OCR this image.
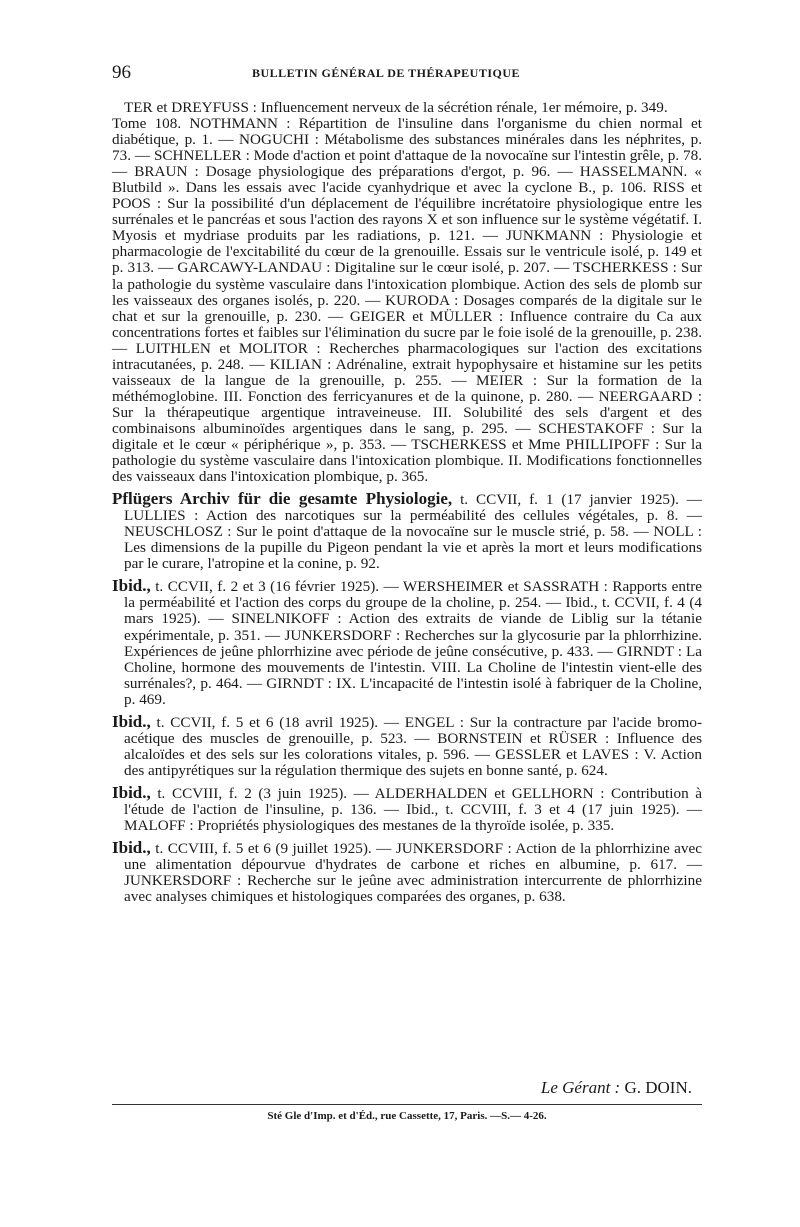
96	BULLETIN GÉNÉRAL DE THÉRAPEUTIQUE

TER et DREYFUSS : Influencement nerveux de la sécrétion rénale, 1er mémoire, p. 349.

Tome 108. NOTHMANN : Répartition de l'insuline dans l'organisme du chien normal et diabétique, p. 1. — NOGUCHI : Métabolisme des substances minérales dans les néphrites, p. 73. — SCHNELLER : Mode d'action et point d'attaque de la novocaïne sur l'intestin grêle, p. 78. — BRAUN : Dosage physiologique des préparations d'ergot, p. 96. — HASSELMANN. « Blutbild ». Dans les essais avec l'acide cyanhydrique et avec la cyclone B., p. 106. RISS et POOS : Sur la possibilité d'un déplacement de l'équilibre incrétatoire physiologique entre les surrénales et le pancréas et sous l'action des rayons X et son influence sur le système végétatif. I. Myosis et mydriase produits par les radiations, p. 121. — JUNKMANN : Physiologie et pharmacologie de l'excitabilité du cœur de la grenouille. Essais sur le ventricule isolé, p. 149 et p. 313. — GARCAWY-LANDAU : Digitaline sur le cœur isolé, p. 207. — TSCHERKESS : Sur la pathologie du système vasculaire dans l'intoxication plombique. Action des sels de plomb sur les vaisseaux des organes isolés, p. 220. — KURODA : Dosages comparés de la digitale sur le chat et sur la grenouille, p. 230. — GEIGER et MÜLLER : Influence contraire du Ca aux concentrations fortes et faibles sur l'élimination du sucre par le foie isolé de la grenouille, p. 238. — LUITHLEN et MOLITOR : Recherches pharmacologiques sur l'action des excitations intracutanées, p. 248. — KILIAN : Adrénaline, extrait hypophysaire et histamine sur les petits vaisseaux de la langue de la grenouille, p. 255. — MEIER : Sur la formation de la méthémoglobine. III. Fonction des ferricyanures et de la quinone, p. 280. — NEERGAARD : Sur la thérapeutique argentique intraveineuse. III. Solubilité des sels d'argent et des combinaisons albuminoïdes argentiques dans le sang, p. 295. — SCHESTAKOFF : Sur la digitale et le cœur « périphérique », p. 353. — TSCHERKESS et Mme PHILLIPOFF : Sur la pathologie du système vasculaire dans l'intoxication plombique. II. Modifications fonctionnelles des vaisseaux dans l'intoxication plombique, p. 365.

Pflügers Archiv für die gesamte Physiologie, t. CCVII, f. 1 (17 janvier 1925). — LULLIES : Action des narcotiques sur la perméabilité des cellules végétales, p. 8. — NEUSCHLOSZ : Sur le point d'attaque de la novocaïne sur le muscle strié, p. 58. — NOLL : Les dimensions de la pupille du Pigeon pendant la vie et après la mort et leurs modifications par le curare, l'atropine et la conine, p. 92.

Ibid., t. CCVII, f. 2 et 3 (16 février 1925). — WERSHEIMER et SASSRATH : Rapports entre la perméabilité et l'action des corps du groupe de la choline, p. 254. — Ibid., t. CCVII, f. 4 (4 mars 1925). — SINELNIKOFF : Action des extraits de viande de Liblig sur la tétanie expérimentale, p. 351. — JUNKERSDORF : Recherches sur la glycosurie par la phlorrhizine. Expériences de jeûne phlorrhizine avec période de jeûne consécutive, p. 433. — GIRNDT : La Choline, hormone des mouvements de l'intestin. VIII. La Choline de l'intestin vient-elle des surrénales?, p. 464. — GIRNDT : IX. L'incapacité de l'intestin isolé à fabriquer de la Choline, p. 469.

Ibid., t. CCVII, f. 5 et 6 (18 avril 1925). — ENGEL : Sur la contracture par l'acide bromo-acétique des muscles de grenouille, p. 523. — BORNSTEIN et RÜSER : Influence des alcaloïdes et des sels sur les colorations vitales, p. 596. — GESSLER et LAVES : V. Action des antipyrétiques sur la régulation thermique des sujets en bonne santé, p. 624.

Ibid., t. CCVIII, f. 2 (3 juin 1925). — ALDERHALDEN et GELLHORN : Contribution à l'étude de l'action de l'insuline, p. 136. — Ibid., t. CCVIII, f. 3 et 4 (17 juin 1925). — MALOFF : Propriétés physiologiques des mestanes de la thyroïde isolée, p. 335.

Ibid., t. CCVIII, f. 5 et 6 (9 juillet 1925). — JUNKERSDORF : Action de la phlorrhizine avec une alimentation dépourvue d'hydrates de carbone et riches en albumine, p. 617. — JUNKERSDORF : Recherche sur le jeûne avec administration intercurrente de phlorrhizine avec analyses chimiques et histologiques comparées des organes, p. 638.

Le Gérant : G. DOIN.
Sté Gle d'Imp. et d'Éd., rue Cassette, 17, Paris. —S.— 4-26.
